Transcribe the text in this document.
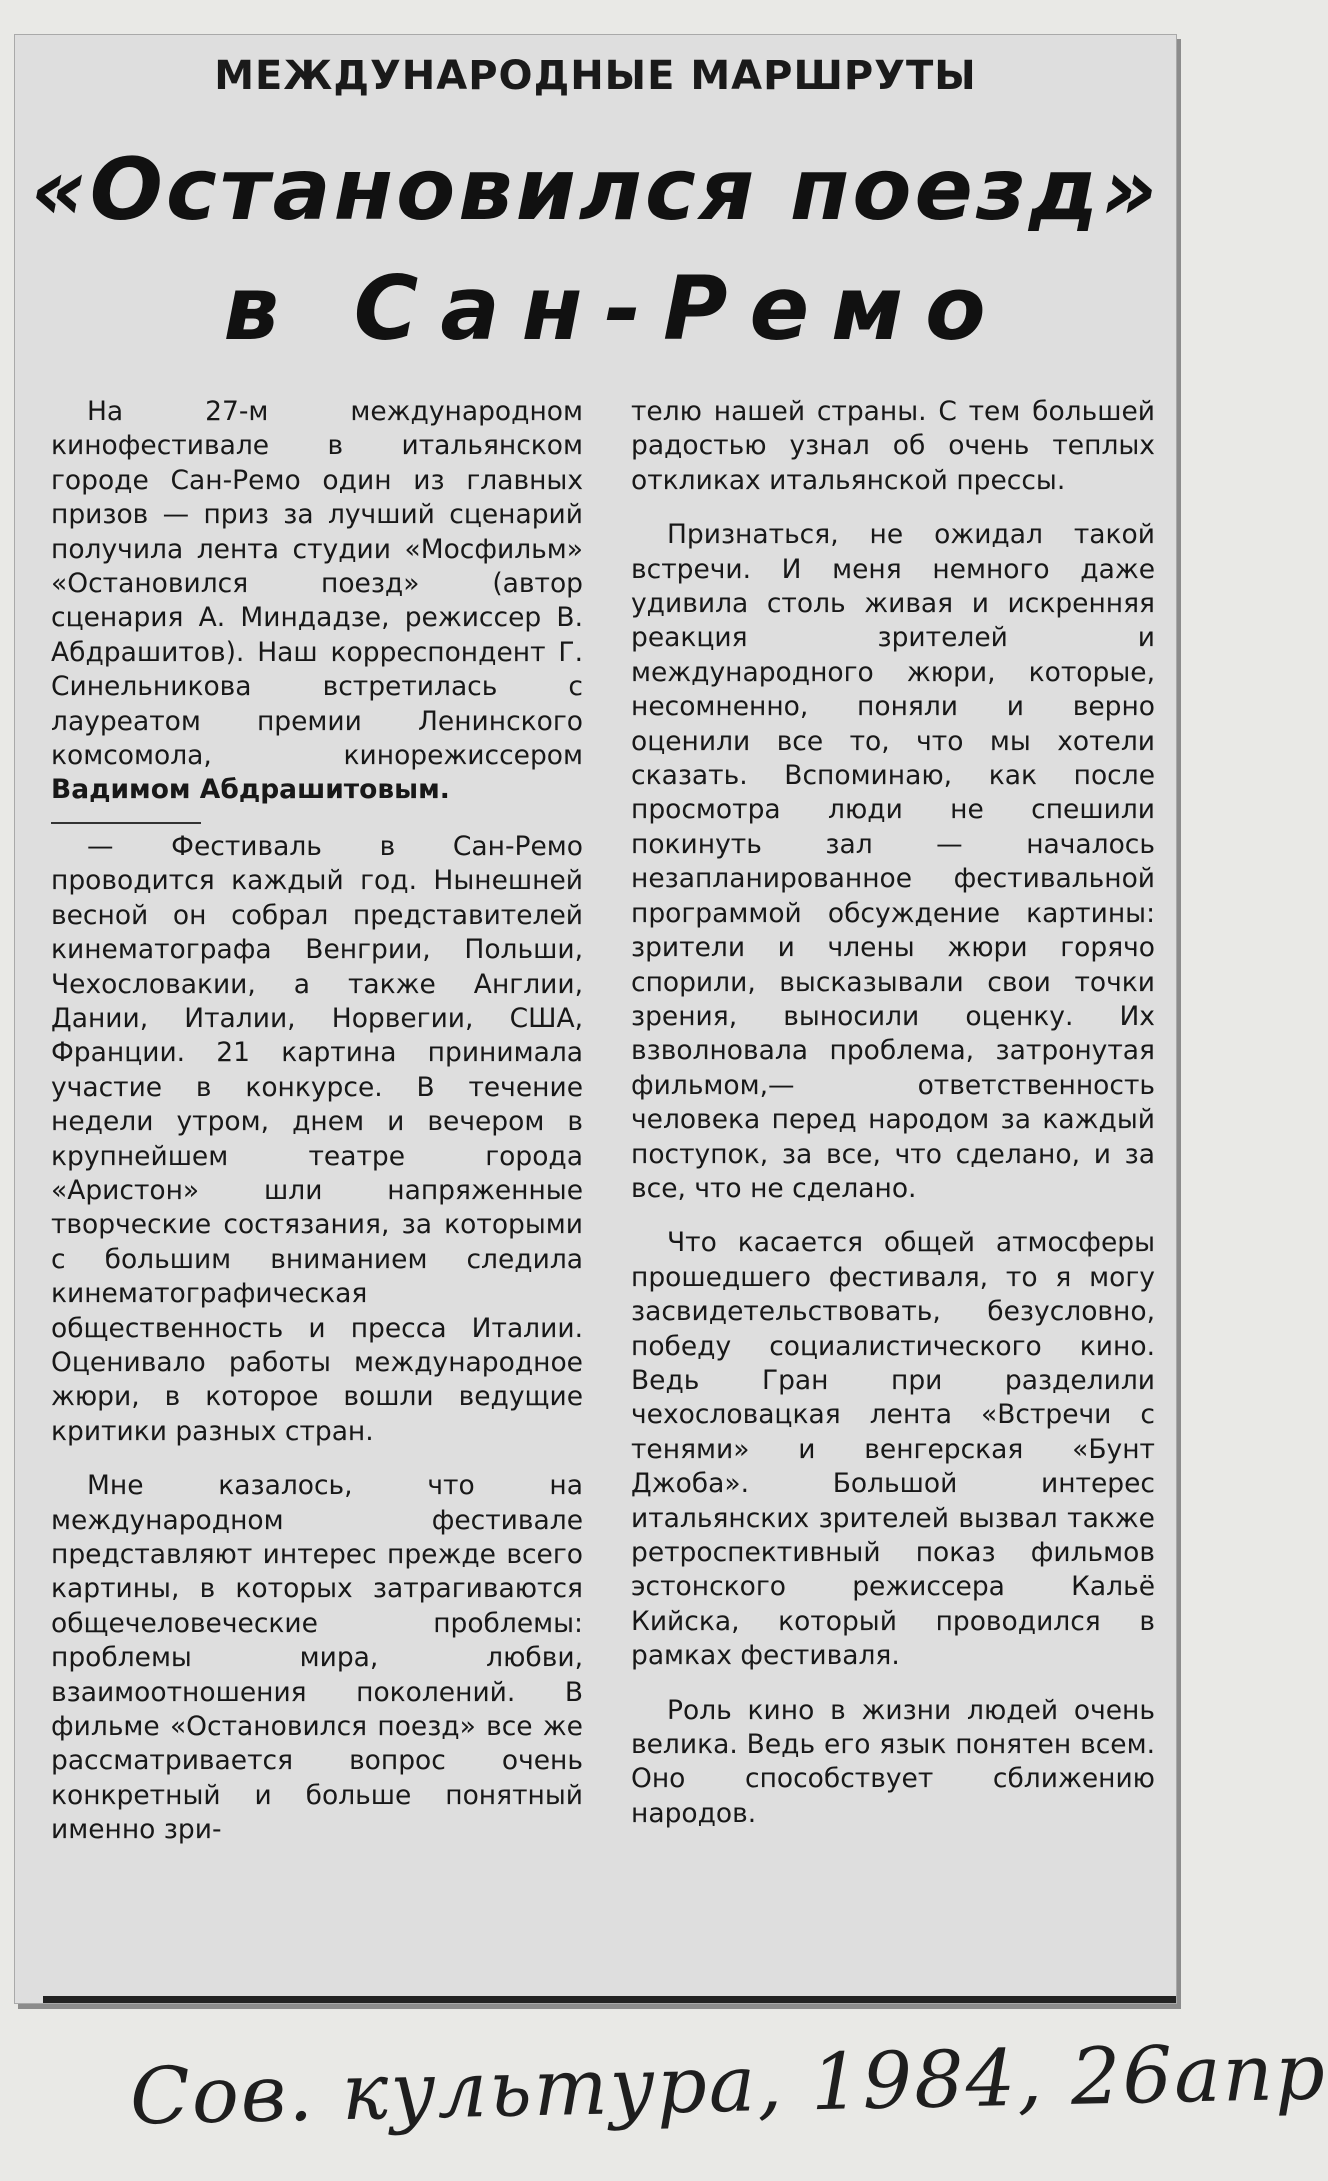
МЕЖДУНАРОДНЫЕ МАРШРУТЫ
«Остановился поезд»
в Сан-Ремо

На 27-м международном кинофестивале в итальянском городе Сан-Ремо один из главных призов — приз за лучший сценарий получила лента студии «Мосфильм» «Остановился поезд» (автор сценария А. Миндадзе, режиссер В. Абдрашитов). Наш корреспондент Г. Синельникова встретилась с лауреатом премии Ленинского комсомола, кинорежиссером Вадимом Абдрашитовым.

— Фестиваль в Сан-Ремо проводится каждый год. Нынешней весной он собрал представителей кинематографа Венгрии, Польши, Чехословакии, а также Англии, Дании, Италии, Норвегии, США, Франции. 21 картина принимала участие в конкурсе. В течение недели утром, днем и вечером в крупнейшем театре города «Аристон» шли напряженные творческие состязания, за которыми с большим вниманием следила кинематографическая общественность и пресса Италии. Оценивало работы международное жюри, в которое вошли ведущие критики разных стран.

Мне казалось, что на международном фестивале представляют интерес прежде всего картины, в которых затрагиваются общечеловеческие проблемы: проблемы мира, любви, взаимоотношения поколений. В фильме «Остановился поезд» все же рассматривается вопрос очень конкретный и больше понятный именно зри-

телю нашей страны. С тем большей радостью узнал об очень теплых откликах итальянской прессы.

Признаться, не ожидал такой встречи. И меня немного даже удивила столь живая и искренняя реакция зрителей и международного жюри, которые, несомненно, поняли и верно оценили все то, что мы хотели сказать. Вспоминаю, как после просмотра люди не спешили покинуть зал — началось незапланированное фестивальной программой обсуждение картины: зрители и члены жюри горячо спорили, высказывали свои точки зрения, выносили оценку. Их взволновала проблема, затронутая фильмом,— ответственность человека перед народом за каждый поступок, за все, что сделано, и за все, что не сделано.

Что касается общей атмосферы прошедшего фестиваля, то я могу засвидетельствовать, безусловно, победу социалистического кино. Ведь Гран при разделили чехословацкая лента «Встречи с тенями» и венгерская «Бунт Джоба». Большой интерес итальянских зрителей вызвал также ретроспективный показ фильмов эстонского режиссера Кальё Кийска, который проводился в рамках фестиваля.

Роль кино в жизни людей очень велика. Ведь его язык понятен всем. Оно способствует сближению народов.

Сов. культура, 1984, 26апр
